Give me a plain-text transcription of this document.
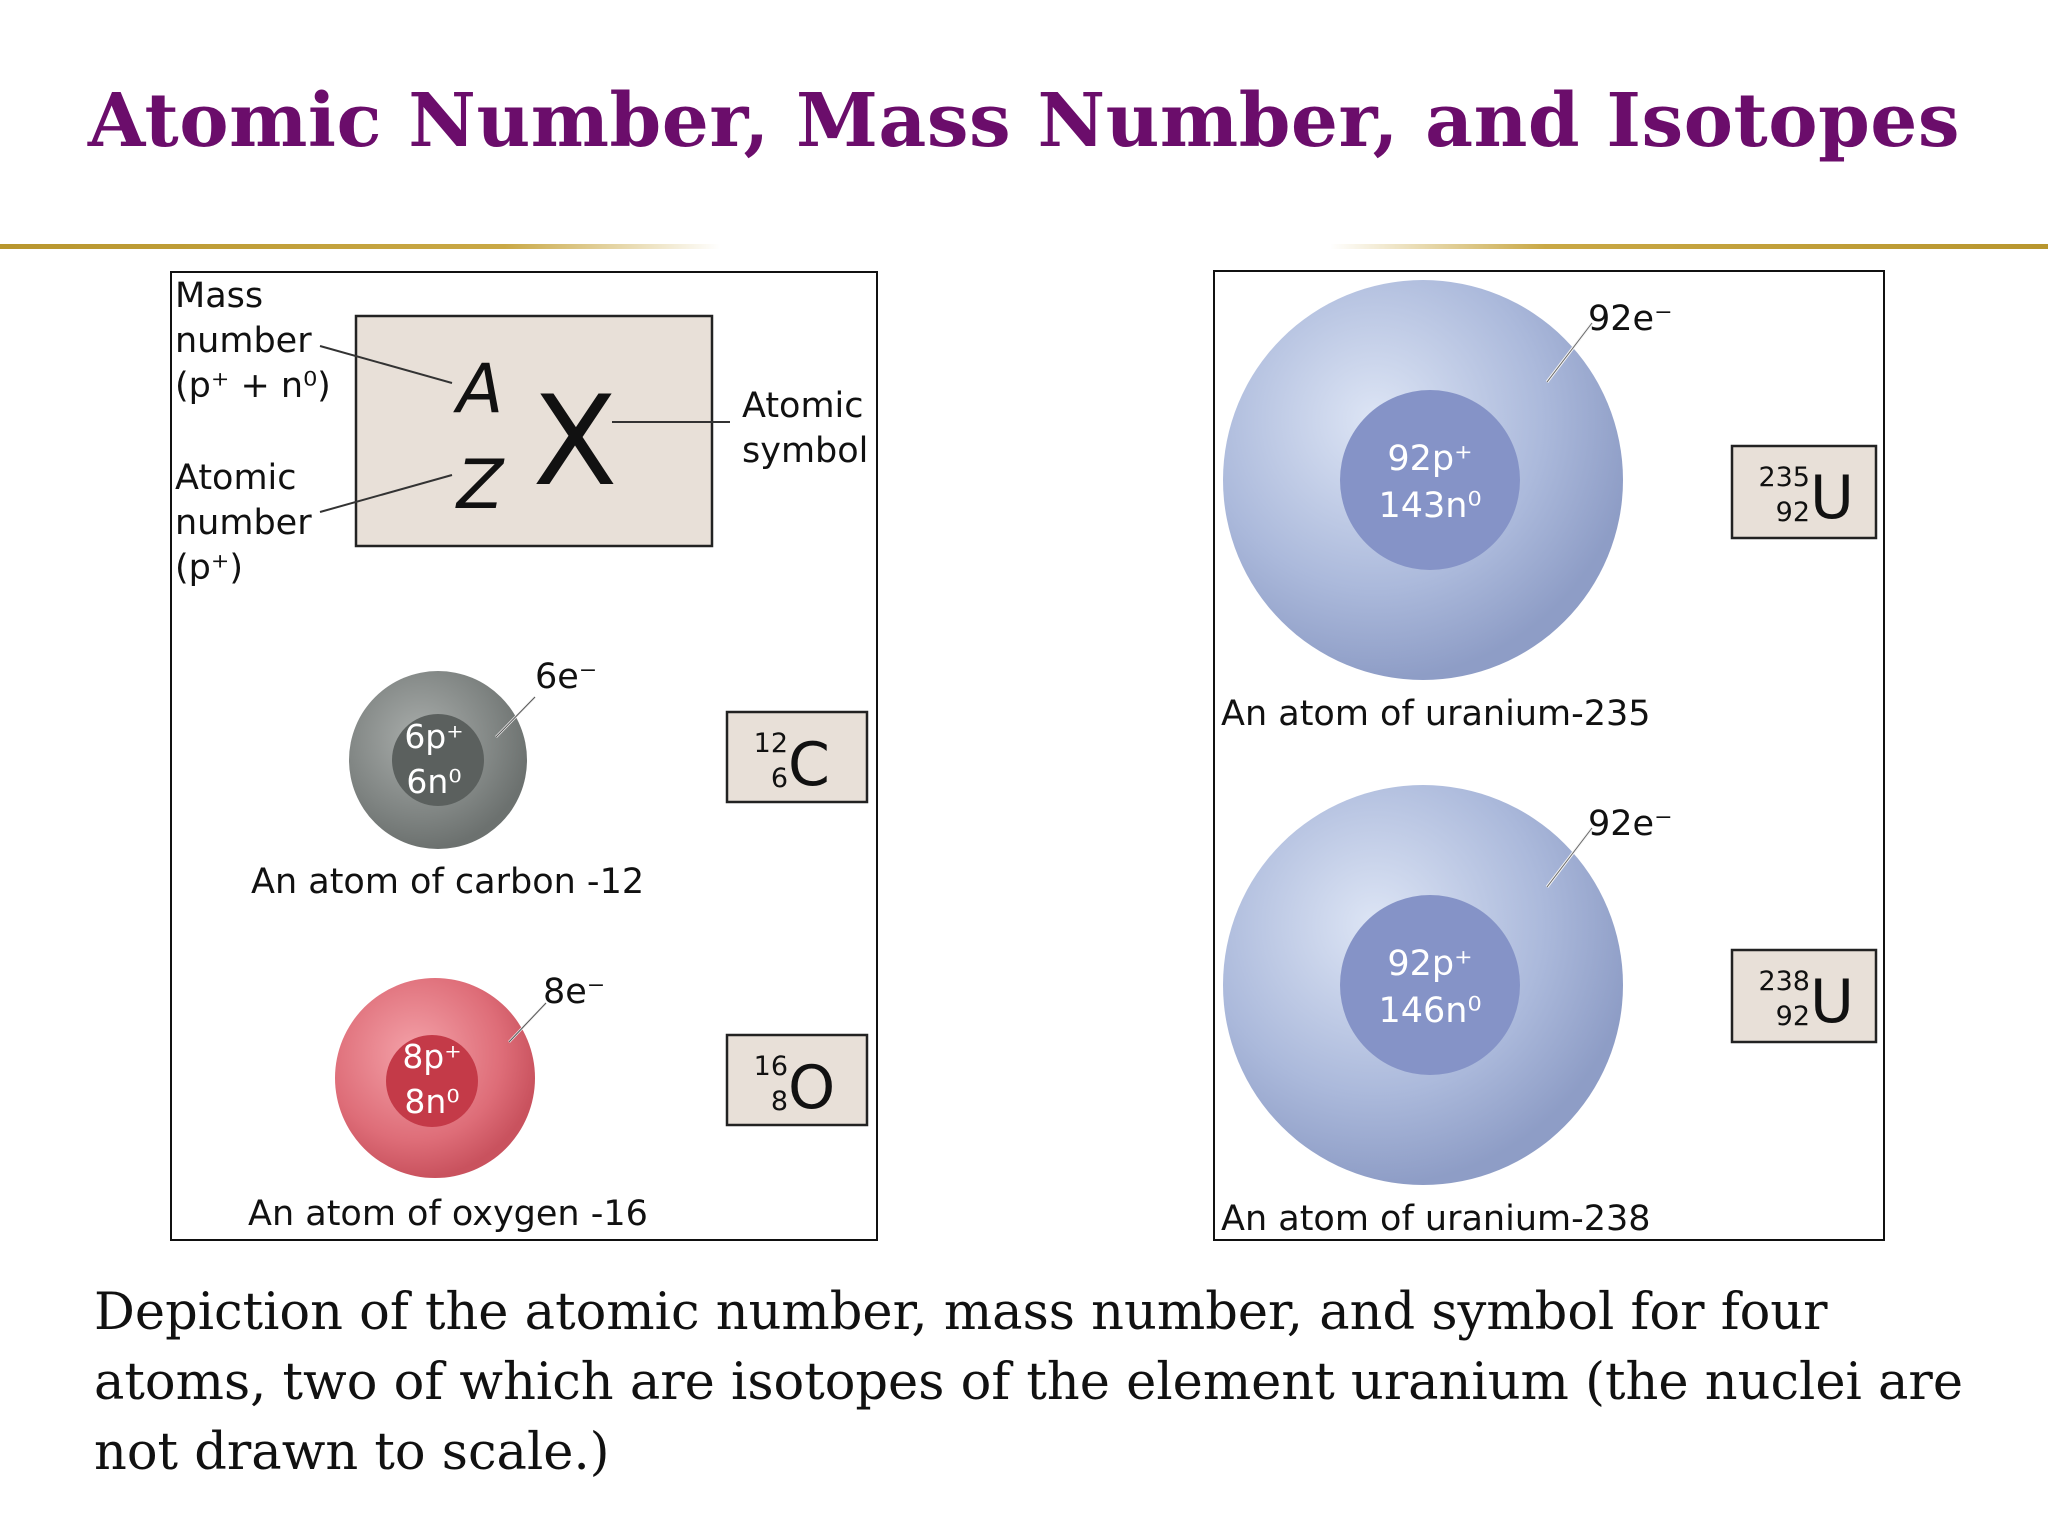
Atomic Number, Mass Number, and Isotopes
A
Z X
Mass number (p⁺ + n⁰)
Atomic number (p⁺)
Atomic symbol
6p⁺
6n⁰
6e⁻
An atom of carbon -12
12
6 C
8p⁺
8n⁰
8e⁻
An atom of oxygen -16
16
8 O
92p⁺
143n⁰
92e⁻
An atom of uranium-235
235
92 U
92p⁺
146n⁰
92e⁻
An atom of uranium-238
238
92 U
Depiction of the atomic number, mass number, and symbol for four atoms, two of which are isotopes of the element uranium (the nuclei are not drawn to scale.)
